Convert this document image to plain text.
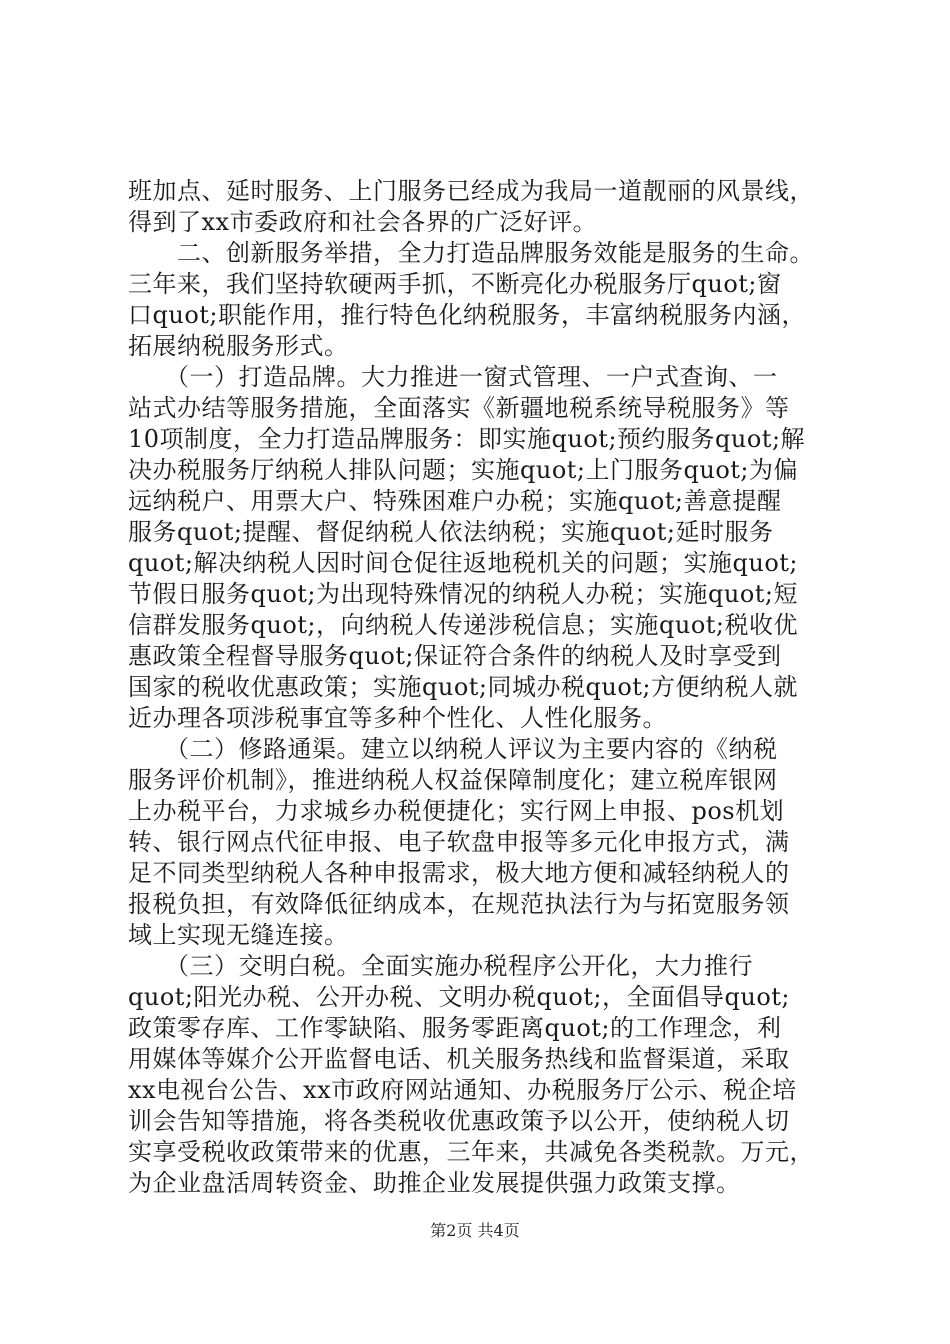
班加点、延时服务、上门服务已经成为我局一道靓丽的风景线，
得到了xx市委政府和社会各界的广泛好评。
　　二、创新服务举措，全力打造品牌服务效能是服务的生命。
三年来，我们坚持软硬两手抓，不断亮化办税服务厅quot;窗
口quot;职能作用，推行特色化纳税服务，丰富纳税服务内涵，
拓展纳税服务形式。
　　（一）打造品牌。大力推进一窗式管理、一户式查询、一
站式办结等服务措施，全面落实《新疆地税系统导税服务》等
10项制度，全力打造品牌服务：即实施quot;预约服务quot;解
决办税服务厅纳税人排队问题；实施quot;上门服务quot;为偏
远纳税户、用票大户、特殊困难户办税；实施quot;善意提醒
服务quot;提醒、督促纳税人依法纳税；实施quot;延时服务
quot;解决纳税人因时间仓促往返地税机关的问题；实施quot;
节假日服务quot;为出现特殊情况的纳税人办税；实施quot;短
信群发服务quot;，向纳税人传递涉税信息；实施quot;税收优
惠政策全程督导服务quot;保证符合条件的纳税人及时享受到
国家的税收优惠政策；实施quot;同城办税quot;方便纳税人就
近办理各项涉税事宜等多种个性化、人性化服务。
　　（二）修路通渠。建立以纳税人评议为主要内容的《纳税
服务评价机制》，推进纳税人权益保障制度化；建立税库银网
上办税平台，力求城乡办税便捷化；实行网上申报、pos机划
转、银行网点代征申报、电子软盘申报等多元化申报方式，满
足不同类型纳税人各种申报需求，极大地方便和减轻纳税人的
报税负担，有效降低征纳成本，在规范执法行为与拓宽服务领
域上实现无缝连接。
　　（三）交明白税。全面实施办税程序公开化，大力推行
quot;阳光办税、公开办税、文明办税quot;，全面倡导quot;
政策零存库、工作零缺陷、服务零距离quot;的工作理念，利
用媒体等媒介公开监督电话、机关服务热线和监督渠道，采取
xx电视台公告、xx市政府网站通知、办税服务厅公示、税企培
训会告知等措施，将各类税收优惠政策予以公开，使纳税人切
实享受税收政策带来的优惠，三年来，共减免各类税款。万元，
为企业盘活周转资金、助推企业发展提供强力政策支撑。
第2页 共4页
